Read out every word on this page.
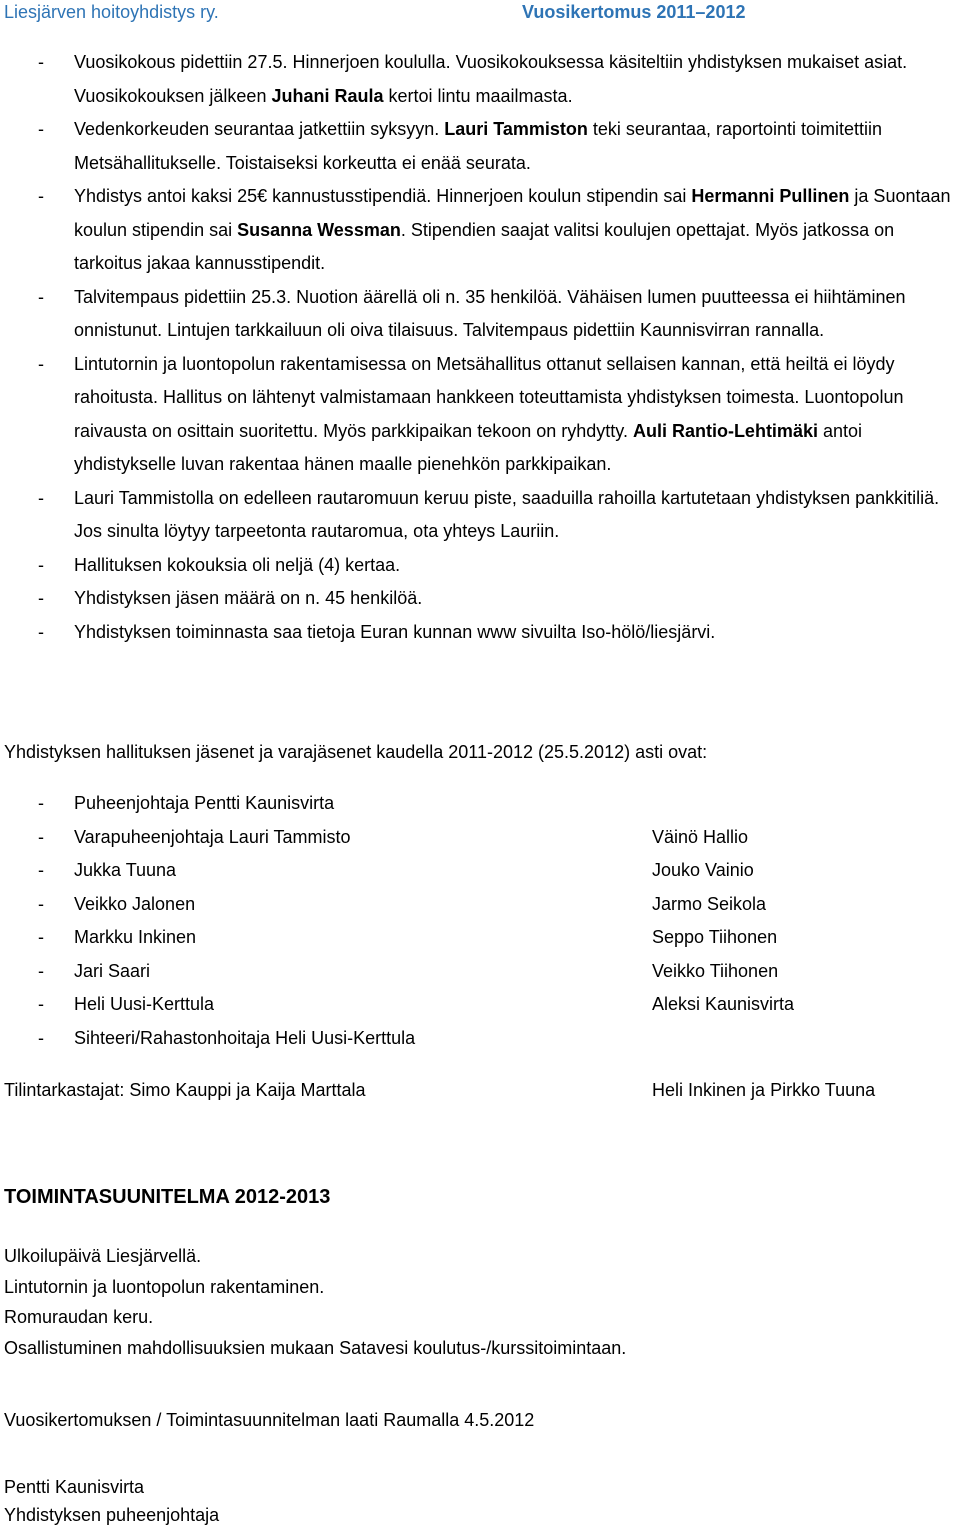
Liesjärven hoitoyhdistys ry.	Vuosikertomus 2011–2012
- Vuosikokous pidettiin 27.5. Hinnerjoen koululla. Vuosikokouksessa käsiteltiin yhdistyksen mukaiset asiat. Vuosikokouksen jälkeen Juhani Raula kertoi lintu maailmasta.
- Vedenkorkeuden seurantaa jatkettiin syksyyn. Lauri Tammiston teki seurantaa, raportointi toimitettiin Metsähallitukselle. Toistaiseksi korkeutta ei enää seurata.
- Yhdistys antoi kaksi 25€ kannustusstipendiä. Hinnerjoen koulun stipendin sai Hermanni Pullinen ja Suontaan koulun stipendin sai Susanna Wessman. Stipendien saajat valitsi koulujen opettajat. Myös jatkossa on tarkoitus jakaa kannusstipendit.
- Talvitempaus pidettiin 25.3. Nuotion äärellä oli n. 35 henkilöä. Vähäisen lumen puutteessa ei hiihtäminen onnistunut. Lintujen tarkkailuun oli oiva tilaisuus. Talvitempaus pidettiin Kaunnisvirran rannalla.
- Lintutornin ja luontopolun rakentamisessa on Metsähallitus ottanut sellaisen kannan, että heiltä ei löydy rahoitusta. Hallitus on lähtenyt valmistamaan hankkeen toteuttamista yhdistyksen toimesta. Luontopolun raivausta on osittain suoritettu. Myös parkkipaikan tekoon on ryhdytty. Auli Rantio-Lehtimäki antoi yhdistykselle luvan rakentaa hänen maalle pienehkön parkkipaikan.
- Lauri Tammistolla on edelleen rautaromuun keruu piste, saaduilla rahoilla kartutetaan yhdistyksen pankkitiliä. Jos sinulta löytyy tarpeetonta rautaromua, ota yhteys Lauriin.
- Hallituksen kokouksia oli neljä (4) kertaa.
- Yhdistyksen jäsen määrä on n. 45 henkilöä.
- Yhdistyksen toiminnasta saa tietoja Euran kunnan www sivuilta Iso-hölö/liesjärvi.
Yhdistyksen hallituksen jäsenet ja varajäsenet kaudella 2011-2012 (25.5.2012) asti ovat:
- Puheenjohtaja Pentti Kaunisvirta
- Varapuheenjohtaja Lauri Tammisto	Väinö Hallio
- Jukka Tuuna	Jouko Vainio
- Veikko Jalonen	Jarmo Seikola
- Markku Inkinen	Seppo Tiihonen
- Jari Saari	Veikko Tiihonen
- Heli Uusi-Kerttula	Aleksi Kaunisvirta
- Sihteeri/Rahastonhoitaja Heli Uusi-Kerttula
Tilintarkastajat: Simo Kauppi ja Kaija Marttala	Heli Inkinen ja Pirkko Tuuna
TOIMINTASUUNITELMA 2012-2013
Ulkoilupäivä Liesjärvellä.
Lintutornin ja luontopolun rakentaminen.
Romuraudan keru.
Osallistuminen mahdollisuuksien mukaan Satavesi koulutus-/kurssitoimintaan.
Vuosikertomuksen / Toimintasuunnitelman laati Raumalla 4.5.2012
Pentti Kaunisvirta
Yhdistyksen puheenjohtaja
